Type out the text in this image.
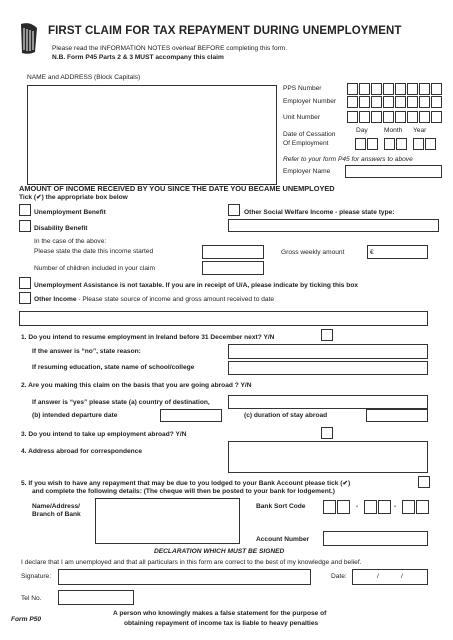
FIRST CLAIM FOR TAX REPAYMENT DURING UNEMPLOYMENT
Please read the INFORMATION NOTES overleaf BEFORE completing this form.
N.B. Form P45 Parts 2 & 3 MUST accompany this claim
NAME and ADDRESS (Block Capitals)
PPS Number
Employer Number
Unit Number
Day Month Year
Date of Cessation
Of Employment
Refer to your form P45 for answers to above
Employer Name
AMOUNT OF INCOME RECEIVED BY YOU SINCE THE DATE YOU BECAME UNEMPLOYED
Tick (✔) the appropriate box below
Unemployment Benefit	Other Social Welfare Income - please state type:
Disability Benefit
In the case of the above:
Please state the date this income started	Gross weekly amount	€
Number of children included in your claim
Unemployment Assistance is not taxable. If you are in receipt of U/A, please indicate by ticking this box
Other Income - Please state source of income and gross amount received to date
1. Do you intend to resume employment in Ireland before 31 December next? Y/N
If the answer is “no”, state reason:
If resuming education, state name of school/college
2. Are you making this claim on the basis that you are going abroad ? Y/N
If answer is “yes” please state (a) country of destination,
(b) intended departure date	(c) duration of stay abroad
3. Do you intend to take up employment abroad? Y/N
4. Address abroad for correspondence
5. If you wish to have any repayment that may be due to you lodged to your Bank Account please tick (✔)
and complete the following details: (The cheque will then be posted to your bank for lodgement.)
Name/Address/
Branch of Bank
Bank Sort Code	-	-
Account Number
DECLARATION WHICH MUST BE SIGNED
I declare that I am unemployed and that all particulars in this form are correct to the best of my knowledge and belief.
Signature:	Date:	/	/
Tel No.
Form P50
A person who knowingly makes a false statement for the purpose of
obtaining repayment of income tax is liable to heavy penalties
